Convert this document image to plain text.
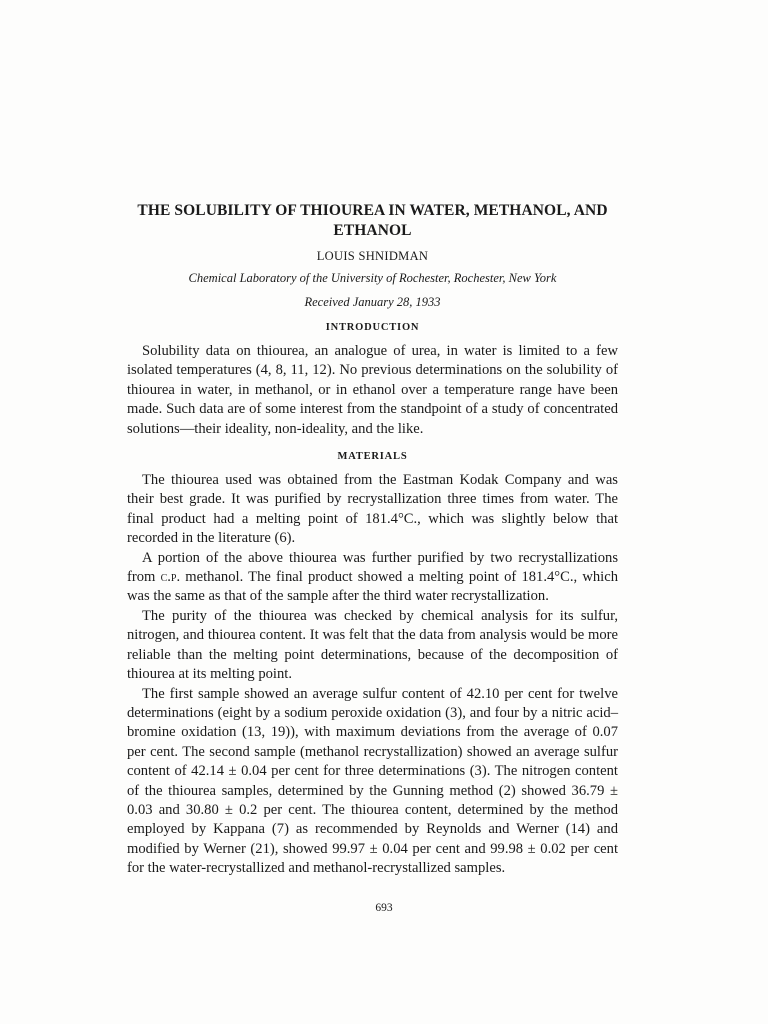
THE SOLUBILITY OF THIOUREA IN WATER, METHANOL, AND ETHANOL

LOUIS SHNIDMAN

Chemical Laboratory of the University of Rochester, Rochester, New York

Received January 28, 1933

INTRODUCTION

Solubility data on thiourea, an analogue of urea, in water is limited to a few isolated temperatures (4, 8, 11, 12). No previous determinations on the solubility of thiourea in water, in methanol, or in ethanol over a temperature range have been made. Such data are of some interest from the standpoint of a study of concentrated solutions—their ideality, non-ideality, and the like.

MATERIALS

The thiourea used was obtained from the Eastman Kodak Company and was their best grade. It was purified by recrystallization three times from water. The final product had a melting point of 181.4°C., which was slightly below that recorded in the literature (6).

A portion of the above thiourea was further purified by two recrystallizations from c.p. methanol. The final product showed a melting point of 181.4°C., which was the same as that of the sample after the third water recrystallization.

The purity of the thiourea was checked by chemical analysis for its sulfur, nitrogen, and thiourea content. It was felt that the data from analysis would be more reliable than the melting point determinations, because of the decomposition of thiourea at its melting point.

The first sample showed an average sulfur content of 42.10 per cent for twelve determinations (eight by a sodium peroxide oxidation (3), and four by a nitric acid–bromine oxidation (13, 19)), with maximum deviations from the average of 0.07 per cent. The second sample (methanol recrystallization) showed an average sulfur content of 42.14 ± 0.04 per cent for three determinations (3). The nitrogen content of the thiourea samples, determined by the Gunning method (2) showed 36.79 ± 0.03 and 30.80 ± 0.2 per cent. The thiourea content, determined by the method employed by Kappana (7) as recommended by Reynolds and Werner (14) and modified by Werner (21), showed 99.97 ± 0.04 per cent and 99.98 ± 0.02 per cent for the water-recrystallized and methanol-recrystallized samples.

693
